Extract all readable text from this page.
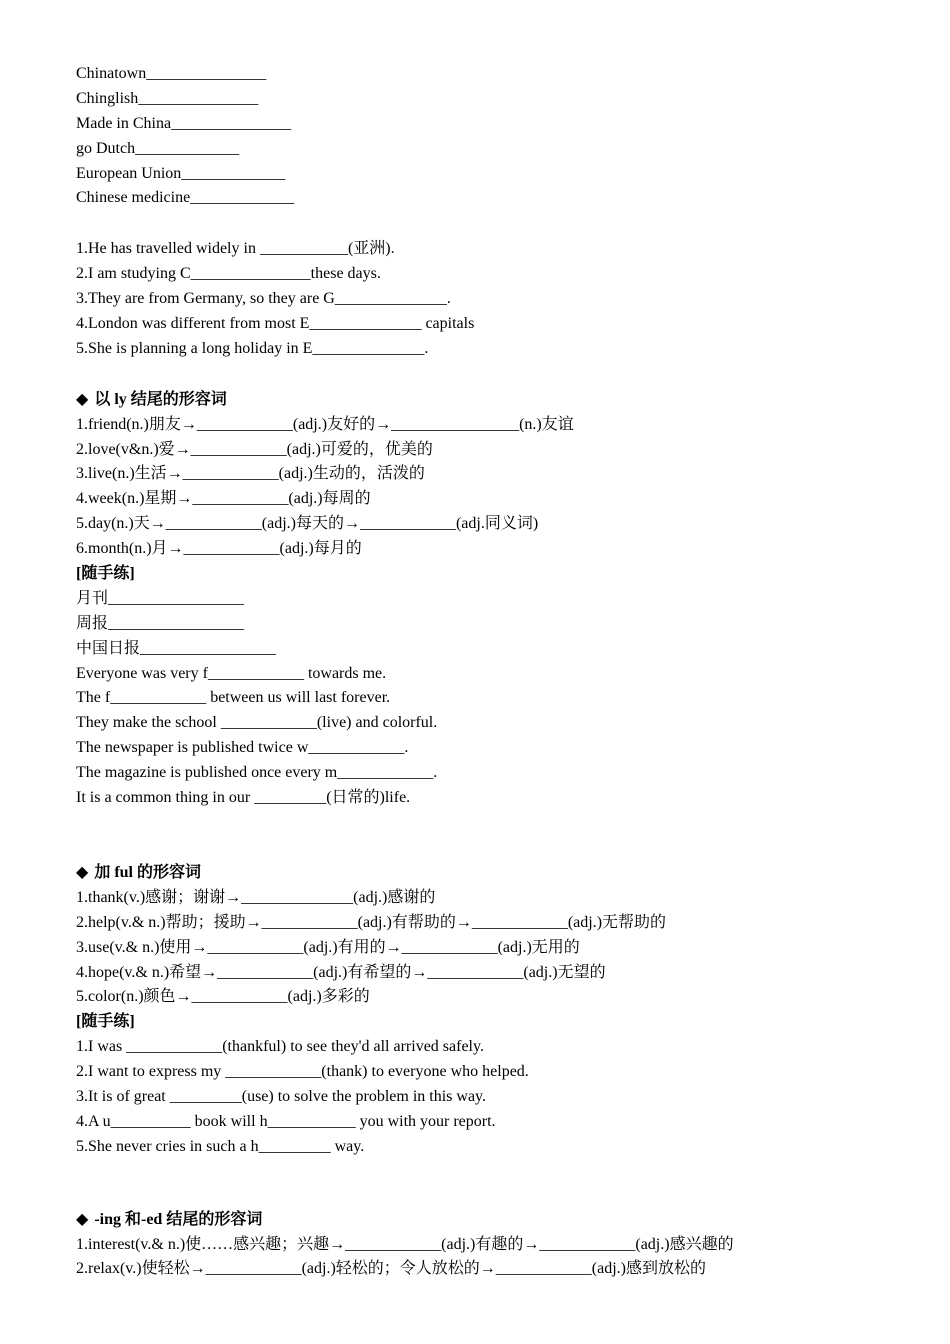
Chinatown_______________
Chinglish_______________
Made in China_______________
go Dutch_____________
European Union_____________
Chinese medicine_____________
1.He has travelled widely in ___________(亚洲).
2.I am studying C_______________these days.
3.They are from Germany, so they are G______________.
4.London was different from most E______________ capitals
5.She is planning a long holiday in E______________.
◆ 以 ly 结尾的形容词
1.friend(n.)朋友→____________(adj.)友好的→________________(n.)友谊
2.love(v&n.)爱→____________(adj.)可爱的，优美的
3.live(n.)生活→____________(adj.)生动的，活泼的
4.week(n.)星期→____________(adj.)每周的
5.day(n.)天→____________(adj.)每天的→____________(adj.同义词)
6.month(n.)月→____________(adj.)每月的
[随手练]
月刊_________________
周报_________________
中国日报_________________
Everyone was very f____________ towards me.
The f____________ between us will last forever.
They make the school ____________(live) and colorful.
The newspaper is published twice w____________.
The magazine is published once every m____________.
It is a common thing in our _________(日常的)life.
◆ 加 ful 的形容词
1.thank(v.)感谢；谢谢→______________(adj.)感谢的
2.help(v.& n.)帮助；援助→____________(adj.)有帮助的→____________(adj.)无帮助的
3.use(v.& n.)使用→____________(adj.)有用的→____________(adj.)无用的
4.hope(v.& n.)希望→____________(adj.)有希望的→____________(adj.)无望的
5.color(n.)颜色→____________(adj.)多彩的
[随手练]
1.I was ____________(thankful) to see they'd all arrived safely.
2.I want to express my ____________(thank) to everyone who helped.
3.It is of great _________(use) to solve the problem in this way.
4.A u__________ book will h___________ you with your report.
5.She never cries in such a h_________ way.
◆ -ing 和-ed 结尾的形容词
1.interest(v.& n.)使……感兴趣；兴趣→____________(adj.)有趣的→____________(adj.)感兴趣的
2.relax(v.)使轻松→____________(adj.)轻松的；令人放松的→____________(adj.)感到放松的
